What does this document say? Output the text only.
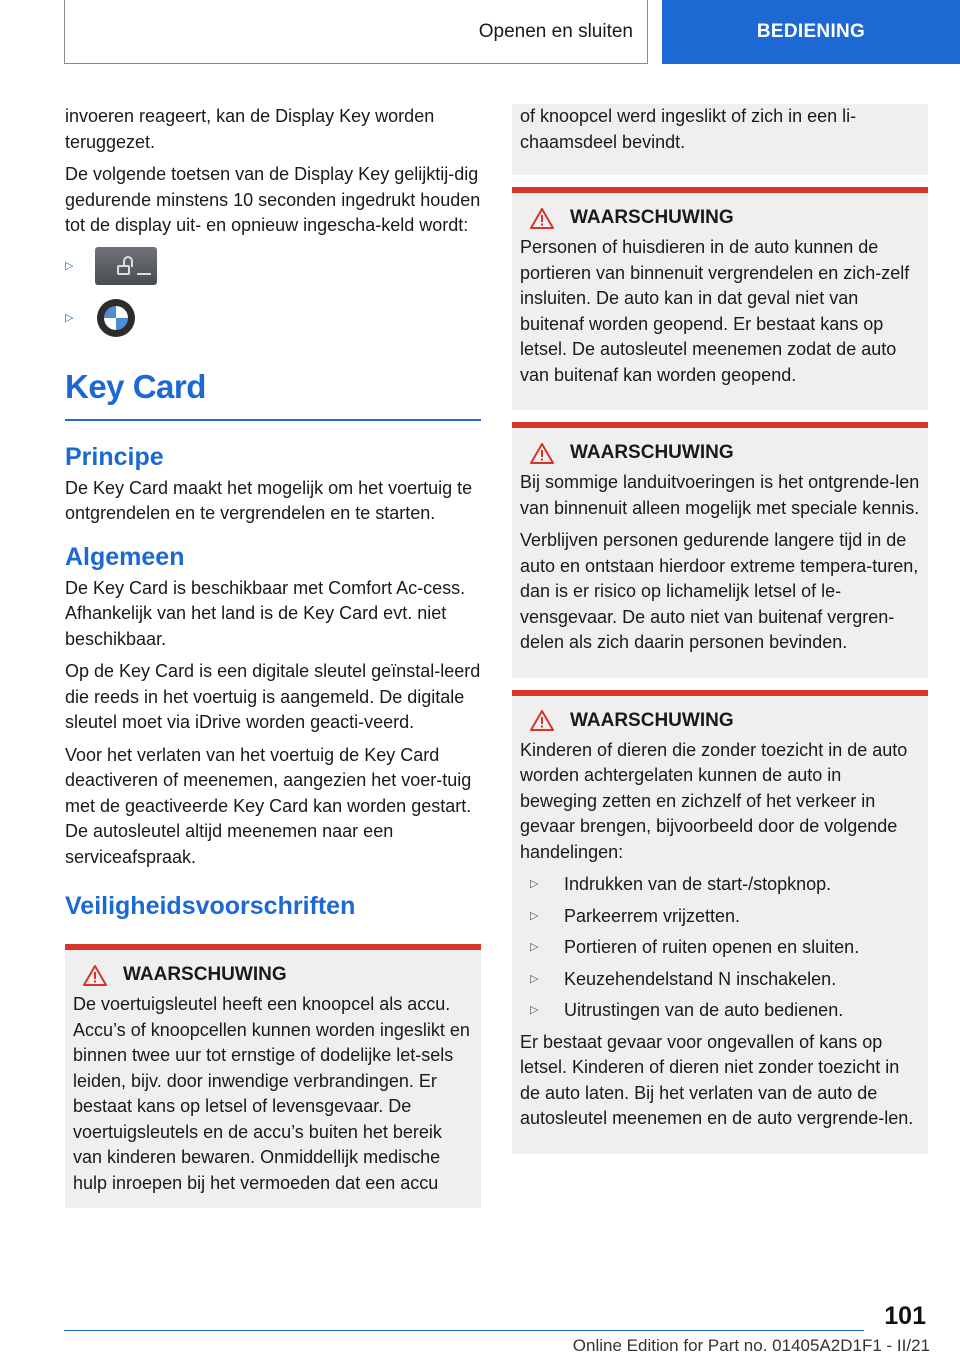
Openen en sluiten	BEDIENING

invoeren reageert, kan de Display Key worden teruggezet.

De volgende toetsen van de Display Key gelijktij-dig gedurende minstens 10 seconden ingedrukt houden tot de display uit- en opnieuw ingescha-keld wordt:

▷
▷
Key Card
Principe

De Key Card maakt het mogelijk om het voertuig te ontgrendelen en te vergrendelen en te starten.

Algemeen

De Key Card is beschikbaar met Comfort Ac-cess. Afhankelijk van het land is de Key Card evt. niet beschikbaar.

Op de Key Card is een digitale sleutel geïnstal-leerd die reeds in het voertuig is aangemeld. De digitale sleutel moet via iDrive worden geacti-veerd.

Voor het verlaten van het voertuig de Key Card deactiveren of meenemen, aangezien het voer-tuig met de geactiveerde Key Card kan worden gestart. De autosleutel altijd meenemen naar een serviceafspraak.

Veiligheidsvoorschriften
WAARSCHUWING

De voertuigsleutel heeft een knoopcel als accu. Accu’s of knoopcellen kunnen worden ingeslikt en binnen twee uur tot ernstige of dodelijke let-sels leiden, bijv. door inwendige verbrandingen. Er bestaat kans op letsel of levensgevaar. De voertuigsleutels en de accu’s buiten het bereik van kinderen bewaren. Onmiddellijk medische hulp inroepen bij het vermoeden dat een accu

of knoopcel werd ingeslikt of zich in een li-chaamsdeel bevindt.

WAARSCHUWING

Personen of huisdieren in de auto kunnen de portieren van binnenuit vergrendelen en zich-zelf insluiten. De auto kan in dat geval niet van buitenaf worden geopend. Er bestaat kans op letsel. De autosleutel meenemen zodat de auto van buitenaf kan worden geopend.

WAARSCHUWING

Bij sommige landuitvoeringen is het ontgrende-len van binnenuit alleen mogelijk met speciale kennis.

Verblijven personen gedurende langere tijd in de auto en ontstaan hierdoor extreme tempera-turen, dan is er risico op lichamelijk letsel of le-vensgevaar. De auto niet van buitenaf vergren-delen als zich daarin personen bevinden.

WAARSCHUWING

Kinderen of dieren die zonder toezicht in de auto worden achtergelaten kunnen de auto in beweging zetten en zichzelf of het verkeer in gevaar brengen, bijvoorbeeld door de volgende handelingen:

▷	Indrukken van de start-/stopknop.
▷	Parkeerrem vrijzetten.
▷	Portieren of ruiten openen en sluiten.
▷	Keuzehendelstand N inschakelen.
▷	Uitrustingen van de auto bedienen.

Er bestaat gevaar voor ongevallen of kans op letsel. Kinderen of dieren niet zonder toezicht in de auto laten. Bij het verlaten van de auto de autosleutel meenemen en de auto vergrende-len.

101
Online Edition for Part no. 01405A2D1F1 - II/21
